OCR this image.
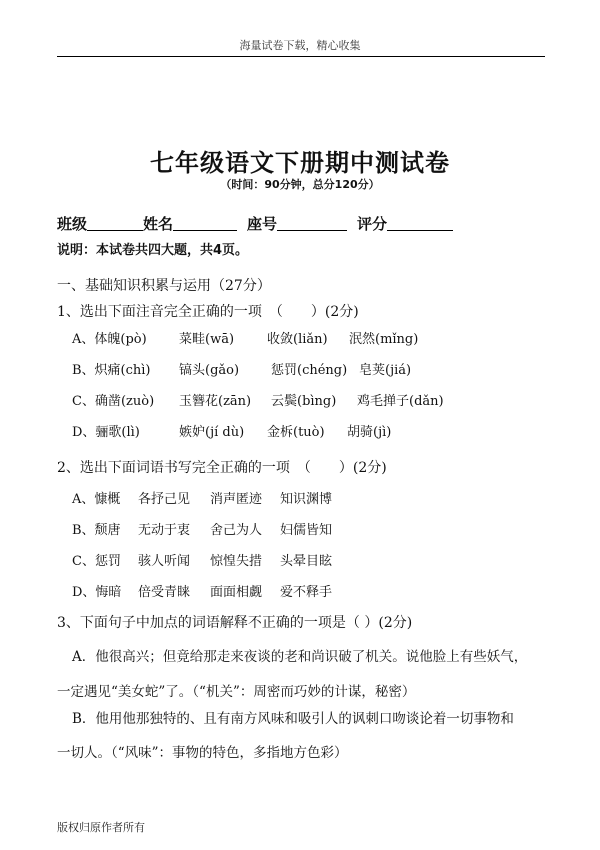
海量试卷下载，精心收集
七年级语文下册期中测试卷
（时间：90分钟，总分120分）
班级	姓名	座号	评分
说明：本试卷共四大题，共4页。
一、基础知识积累与运用（27分）
1、选出下面注音完全正确的一项　（　　）(2分)
A、体魄(pò) 菜畦(wā)	收敛(liǎn) 泯然(mǐng)
B、炽痛(chì) 镐头(gǎo) 惩罚(chéng) 皂荚(jiá)
C、确凿(zuò) 玉簪花(zān) 云鬓(bìng) 鸡毛掸子(dǎn)
D、骊歌(lì)	嫉妒(jí dù) 金柝(tuò) 胡骑(jì)
2、选出下面词语书写完全正确的一项　（　　）(2分)
A、慷概 各抒己见 消声匿迹 知识渊博
B、颓唐 无动于衷 舍己为人 妇儒皆知
C、惩罚 骇人听闻 惊惶失措 头晕目眩
D、悔暗 倍受青睐 面面相觑 爱不释手
3、下面句子中加点的词语解释不正确的一项是（ ）(2分)
A．他很高兴；但竟给那走来夜谈的老和尚识破了机关。说他脸上有些妖气，
一定遇见“美女蛇”了。（“机关”：周密而巧妙的计谋，秘密）
B．他用他那独特的、且有南方风味和吸引人的讽刺口吻谈论着一切事物和
一切人。（“风味”：事物的特色，多指地方色彩）
版权归原作者所有
